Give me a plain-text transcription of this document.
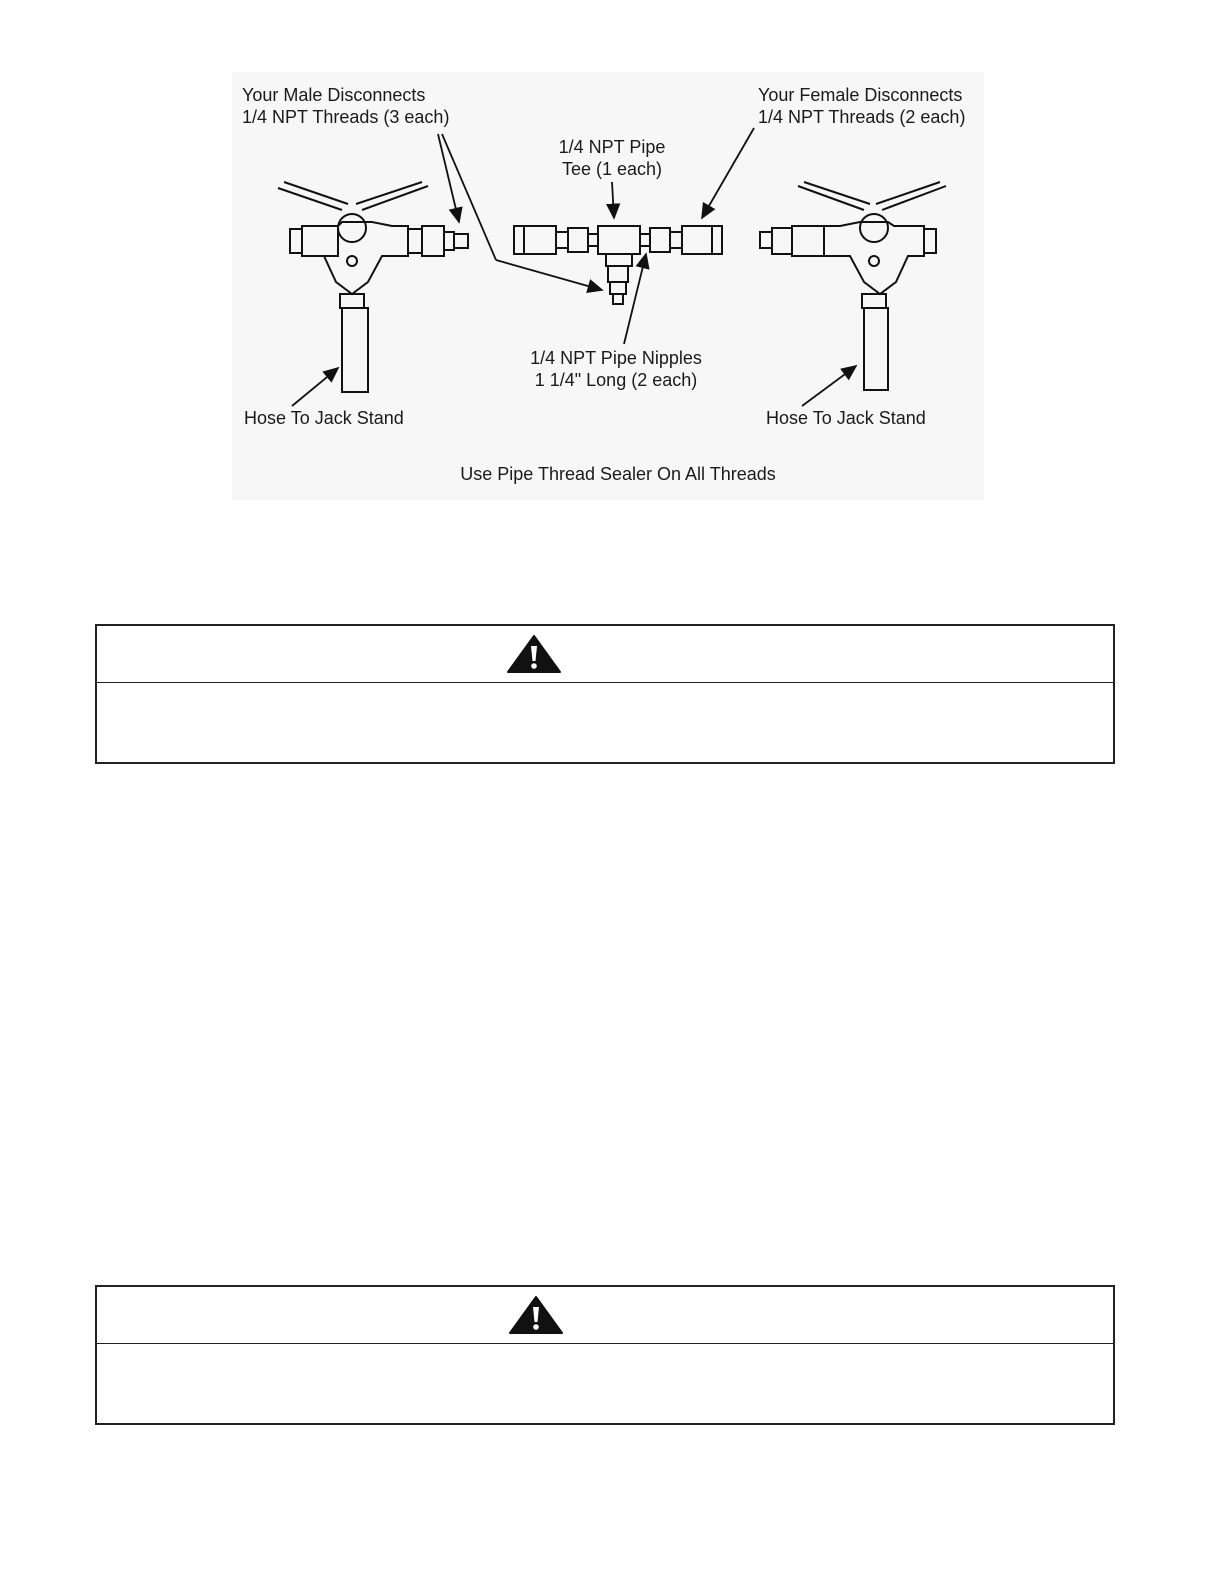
Your Male Disconnects
1/4 NPT Threads (3 each)
Your Female Disconnects
1/4 NPT Threads (2 each)
1/4 NPT Pipe
Tee (1 each)
1/4 NPT Pipe Nipples
1 1/4" Long (2 each)
Hose To Jack Stand	Hose To Jack Stand
Use Pipe Thread Sealer On All Threads
